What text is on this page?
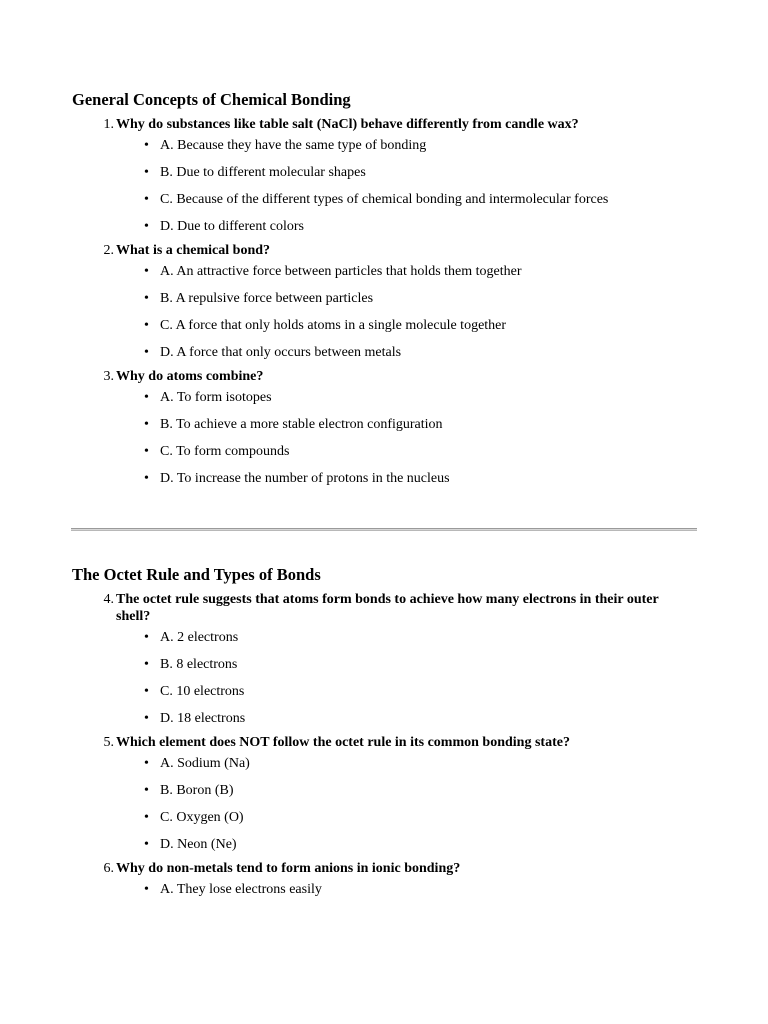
General Concepts of Chemical Bonding
1. Why do substances like table salt (NaCl) behave differently from candle wax?
• A. Because they have the same type of bonding
• B. Due to different molecular shapes
• C. Because of the different types of chemical bonding and intermolecular forces
• D. Due to different colors
2. What is a chemical bond?
• A. An attractive force between particles that holds them together
• B. A repulsive force between particles
• C. A force that only holds atoms in a single molecule together
• D. A force that only occurs between metals
3. Why do atoms combine?
• A. To form isotopes
• B. To achieve a more stable electron configuration
• C. To form compounds
• D. To increase the number of protons in the nucleus
The Octet Rule and Types of Bonds
4. The octet rule suggests that atoms form bonds to achieve how many electrons in their outer shell?
• A. 2 electrons
• B. 8 electrons
• C. 10 electrons
• D. 18 electrons
5. Which element does NOT follow the octet rule in its common bonding state?
• A. Sodium (Na)
• B. Boron (B)
• C. Oxygen (O)
• D. Neon (Ne)
6. Why do non-metals tend to form anions in ionic bonding?
• A. They lose electrons easily
